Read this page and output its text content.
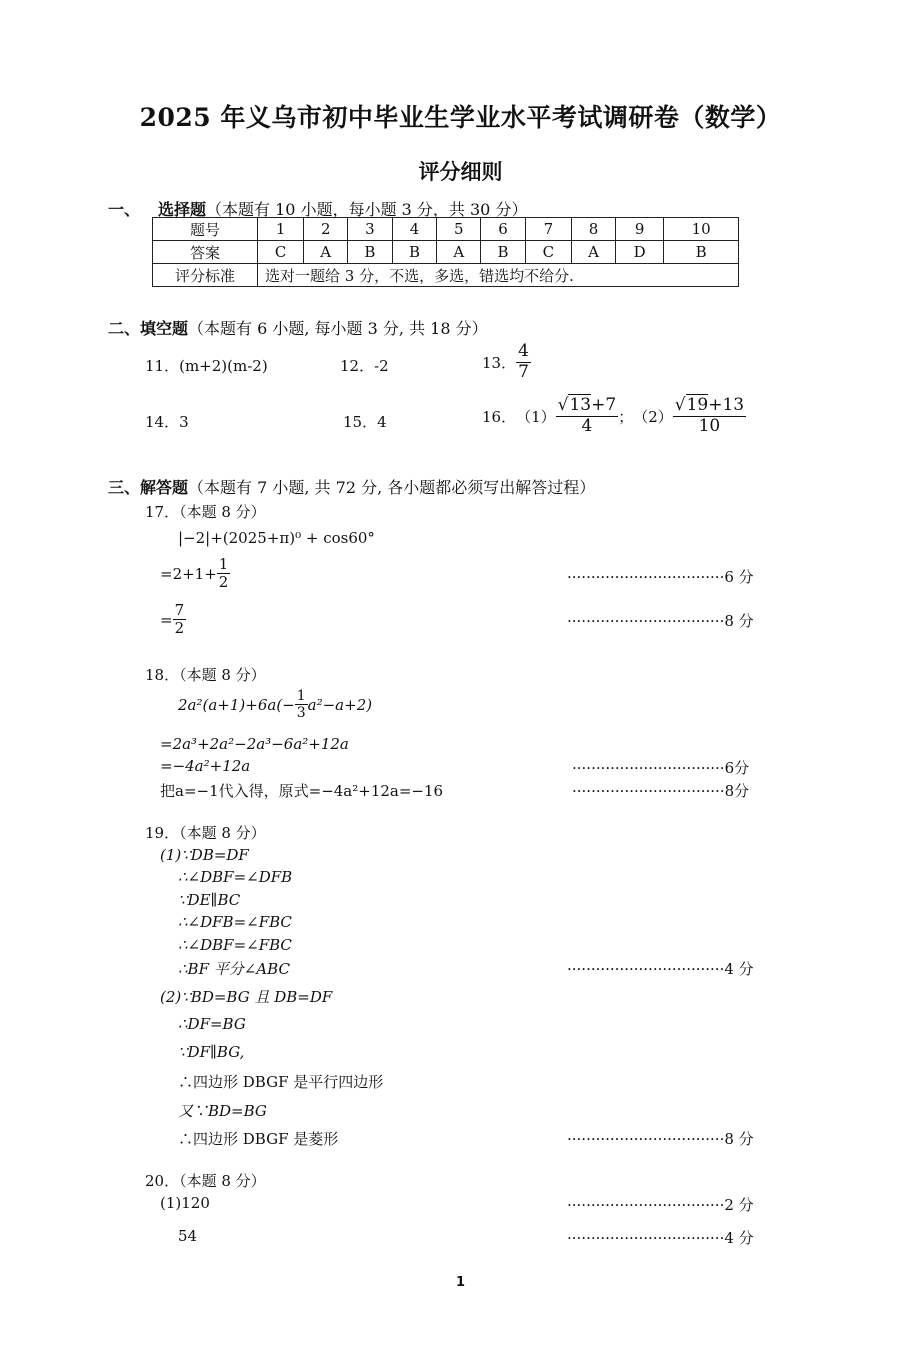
2025 年义乌市初中毕业生学业水平考试调研卷（数学）
评分细则
一、 选择题（本题有 10 小题，每小题 3 分，共 30 分）
题号	1	2	3	4	5	6	7	8	9	10
答案	C	A	B	B	A	B	C	A	D	B
评分标准	选对一题给 3 分，不选，多选，错选均不给分.									
二、填空题（本题有 6 小题, 每小题 3 分, 共 18 分）
11．(m+2)(m-2)	12．-2	13． $\frac{4}{7}$
14．3	15．4	16． $(1) \frac{√13+7}{4}$ ； $(2) \frac{√19+13}{10}$
三、解答题（本题有 7 小题, 共 72 分, 各小题都必须写出解答过程）
17．（本题 8 分）
|−2|+(2025+π)⁰ + cos60°
$=2+1+ \frac{1}{2}$	·································6 分
= $\frac{7}{2}$	·································8 分
18．（本题 8 分）
$2a^2(a+1)+6a(- \frac{1}{3} a^2-a+2)$
=2a³+2a²−2a³−6a²+12a
=−4a²+12a	································6分
把a=−1代入得，原式=−4a²+12a=−16	································8分
19．（本题 8 分）
(1)∵DB=DF
∴∠DBF=∠DFB
∵DE∥BC
∴∠DFB=∠FBC
∴∠DBF=∠FBC
∴BF 平分∠ABC	·································4 分
(2)∵BD=BG 且 DB=DF
∴DF=BG
∵DF∥BG,
∴四边形 DBGF 是平行四边形
又∵BD=BG
∴四边形 DBGF 是菱形	·································8 分
20．（本题 8 分）
(1)120	·································2 分
54	·································4 分
1
